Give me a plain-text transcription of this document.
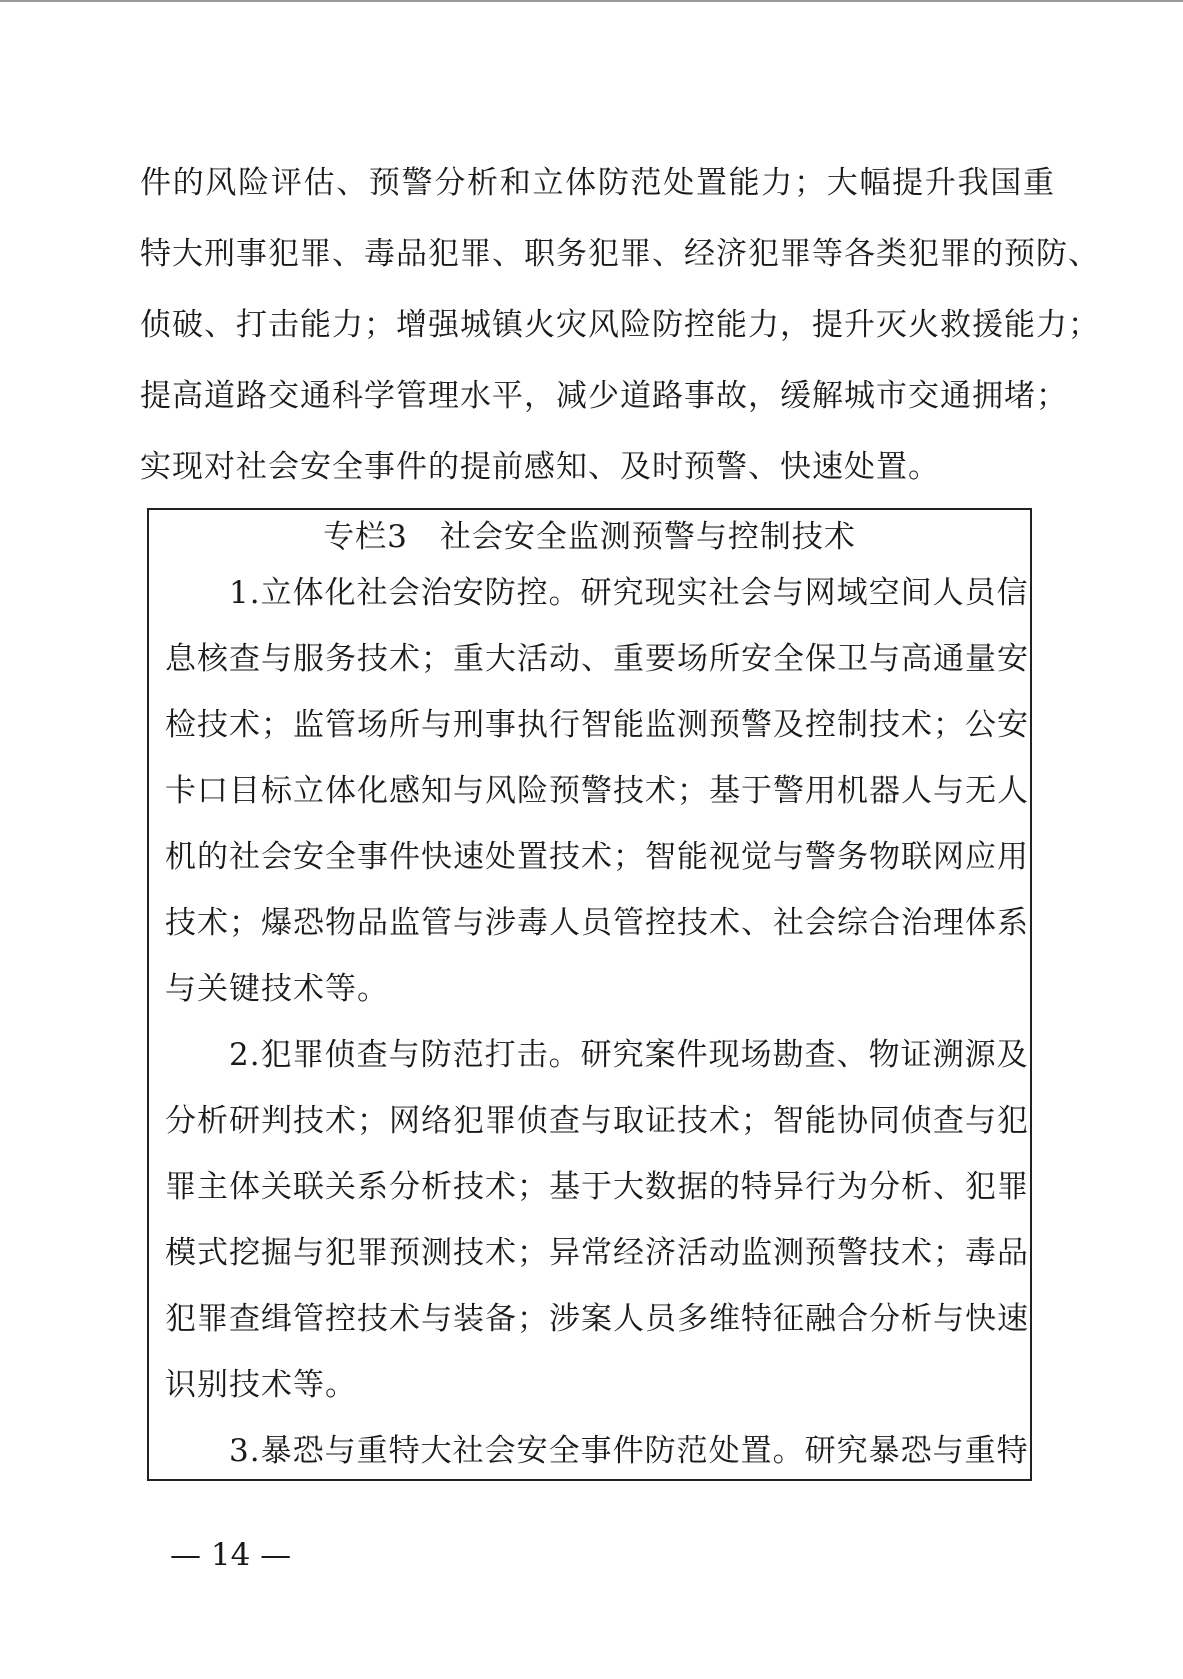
件的风险评估、预警分析和立体防范处置能力；大幅提升我国重
特大刑事犯罪、毒品犯罪、职务犯罪、经济犯罪等各类犯罪的预防、
侦破、打击能力；增强城镇火灾风险防控能力，提升灭火救援能力；
提高道路交通科学管理水平，减少道路事故，缓解城市交通拥堵；
实现对社会安全事件的提前感知、及时预警、快速处置。
专栏3　社会安全监测预警与控制技术
1.立体化社会治安防控。研究现实社会与网域空间人员信
息核查与服务技术；重大活动、重要场所安全保卫与高通量安
检技术；监管场所与刑事执行智能监测预警及控制技术；公安
卡口目标立体化感知与风险预警技术；基于警用机器人与无人
机的社会安全事件快速处置技术；智能视觉与警务物联网应用
技术；爆恐物品监管与涉毒人员管控技术、社会综合治理体系
与关键技术等。
2.犯罪侦查与防范打击。研究案件现场勘查、物证溯源及
分析研判技术；网络犯罪侦查与取证技术；智能协同侦查与犯
罪主体关联关系分析技术；基于大数据的特异行为分析、犯罪
模式挖掘与犯罪预测技术；异常经济活动监测预警技术；毒品
犯罪查缉管控技术与装备；涉案人员多维特征融合分析与快速
识别技术等。
3.暴恐与重特大社会安全事件防范处置。研究暴恐与重特
— 14 —
